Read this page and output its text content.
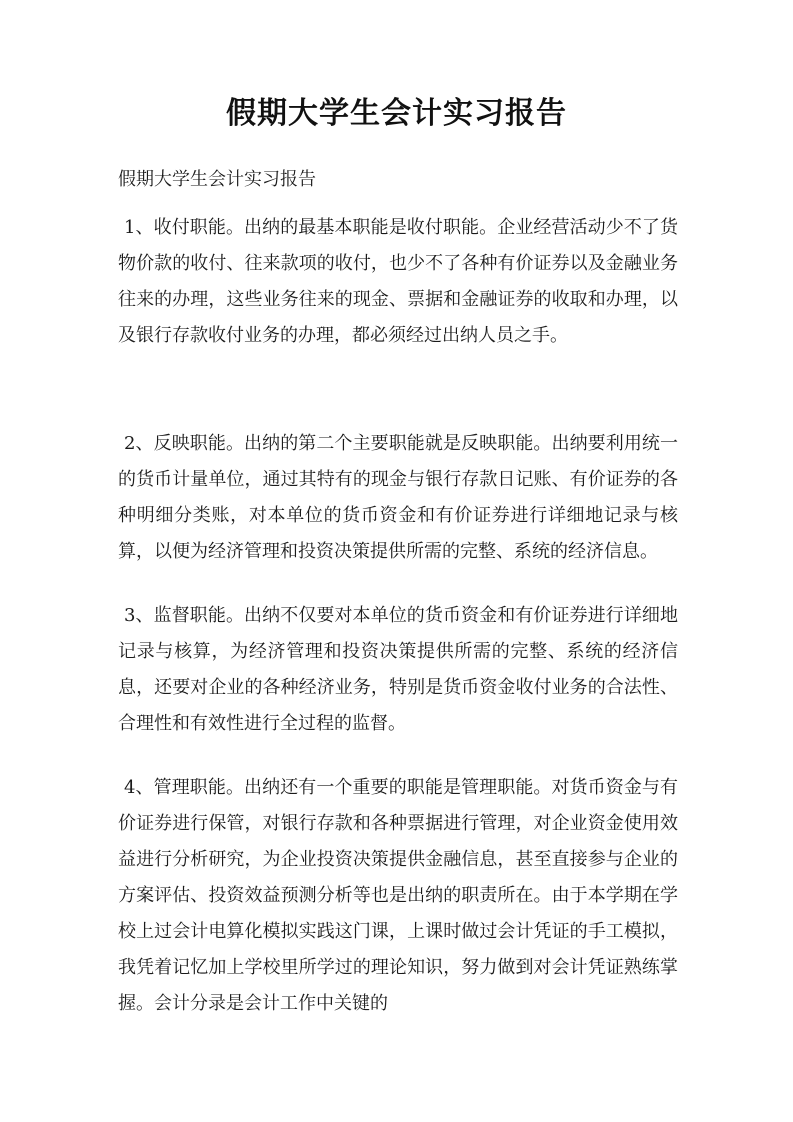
假期大学生会计实习报告
假期大学生会计实习报告

1、收付职能。出纳的最基本职能是收付职能。企业经营活动少不了货物价款的收付、往来款项的收付，也少不了各种有价证券以及金融业务往来的办理，这些业务往来的现金、票据和金融证券的收取和办理，以及银行存款收付业务的办理，都必须经过出纳人员之手。

2、反映职能。出纳的第二个主要职能就是反映职能。出纳要利用统一的货币计量单位，通过其特有的现金与银行存款日记账、有价证券的各种明细分类账，对本单位的货币资金和有价证券进行详细地记录与核算，以便为经济管理和投资决策提供所需的完整、系统的经济信息。

3、监督职能。出纳不仅要对本单位的货币资金和有价证券进行详细地记录与核算，为经济管理和投资决策提供所需的完整、系统的经济信息，还要对企业的各种经济业务，特别是货币资金收付业务的合法性、合理性和有效性进行全过程的监督。

4、管理职能。出纳还有一个重要的职能是管理职能。对货币资金与有价证券进行保管，对银行存款和各种票据进行管理，对企业资金使用效益进行分析研究，为企业投资决策提供金融信息，甚至直接参与企业的方案评估、投资效益预测分析等也是出纳的职责所在。由于本学期在学校上过会计电算化模拟实践这门课，上课时做过会计凭证的手工模拟，我凭着记忆加上学校里所学过的理论知识，努力做到对会计凭证熟练掌握。会计分录是会计工作中关键的
